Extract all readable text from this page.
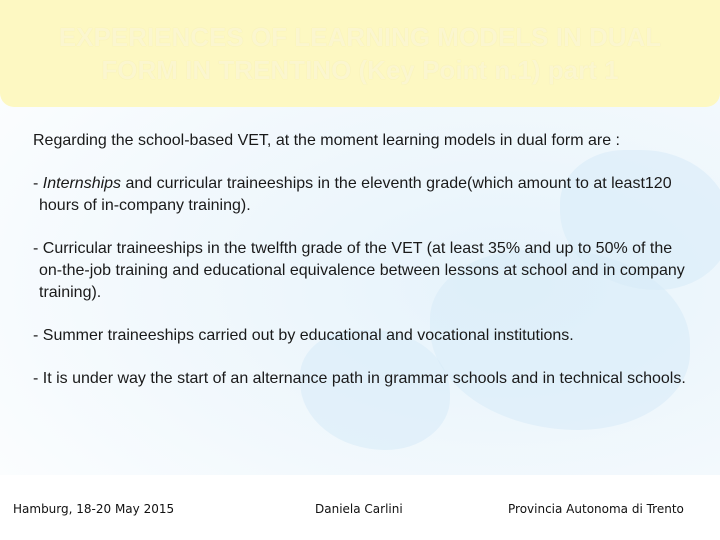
EXPERIENCES OF LEARNING MODELS IN DUAL FORM IN TRENTINO (Key Point n.1) part 1

Regarding the school-based VET, at the moment learning models in dual form are :

- Internships and curricular traineeships in the eleventh grade(which amount to at least120 hours of in-company training).

- Curricular traineeships in the twelfth grade of the VET (at least 35% and up to 50% of the on-the-job training and educational equivalence between lessons at school and in company training).

- Summer traineeships carried out by educational and vocational institutions.

- It is under way the start of an alternance path in grammar schools and in technical schools.

Hamburg, 18-20 May 2015	Daniela Carlini	Provincia Autonoma di Trento
